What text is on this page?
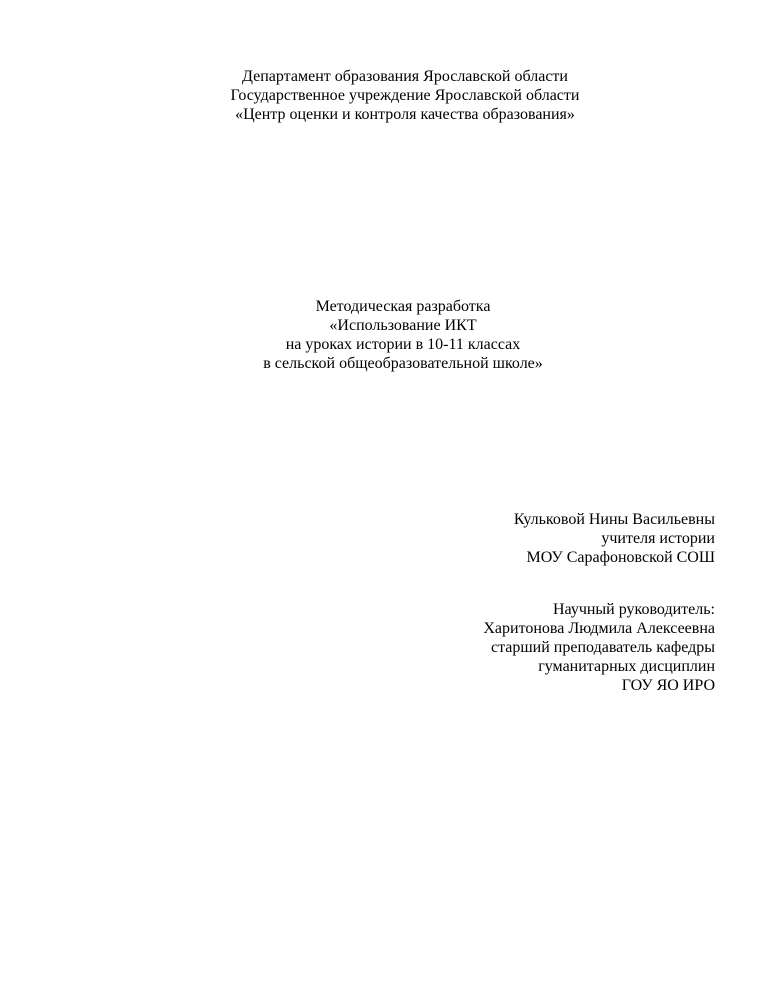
Департамент образования Ярославской области
Государственное учреждение Ярославской области
«Центр оценки и контроля качества образования»
Методическая разработка
«Использование ИКТ
на уроках истории в 10-11 классах
в сельской общеобразовательной школе»
Кульковой Нины Васильевны
учителя истории
МОУ Сарафоновской СОШ
Научный руководитель:
Харитонова Людмила Алексеевна
старший преподаватель кафедры
гуманитарных дисциплин
ГОУ ЯО ИРО
